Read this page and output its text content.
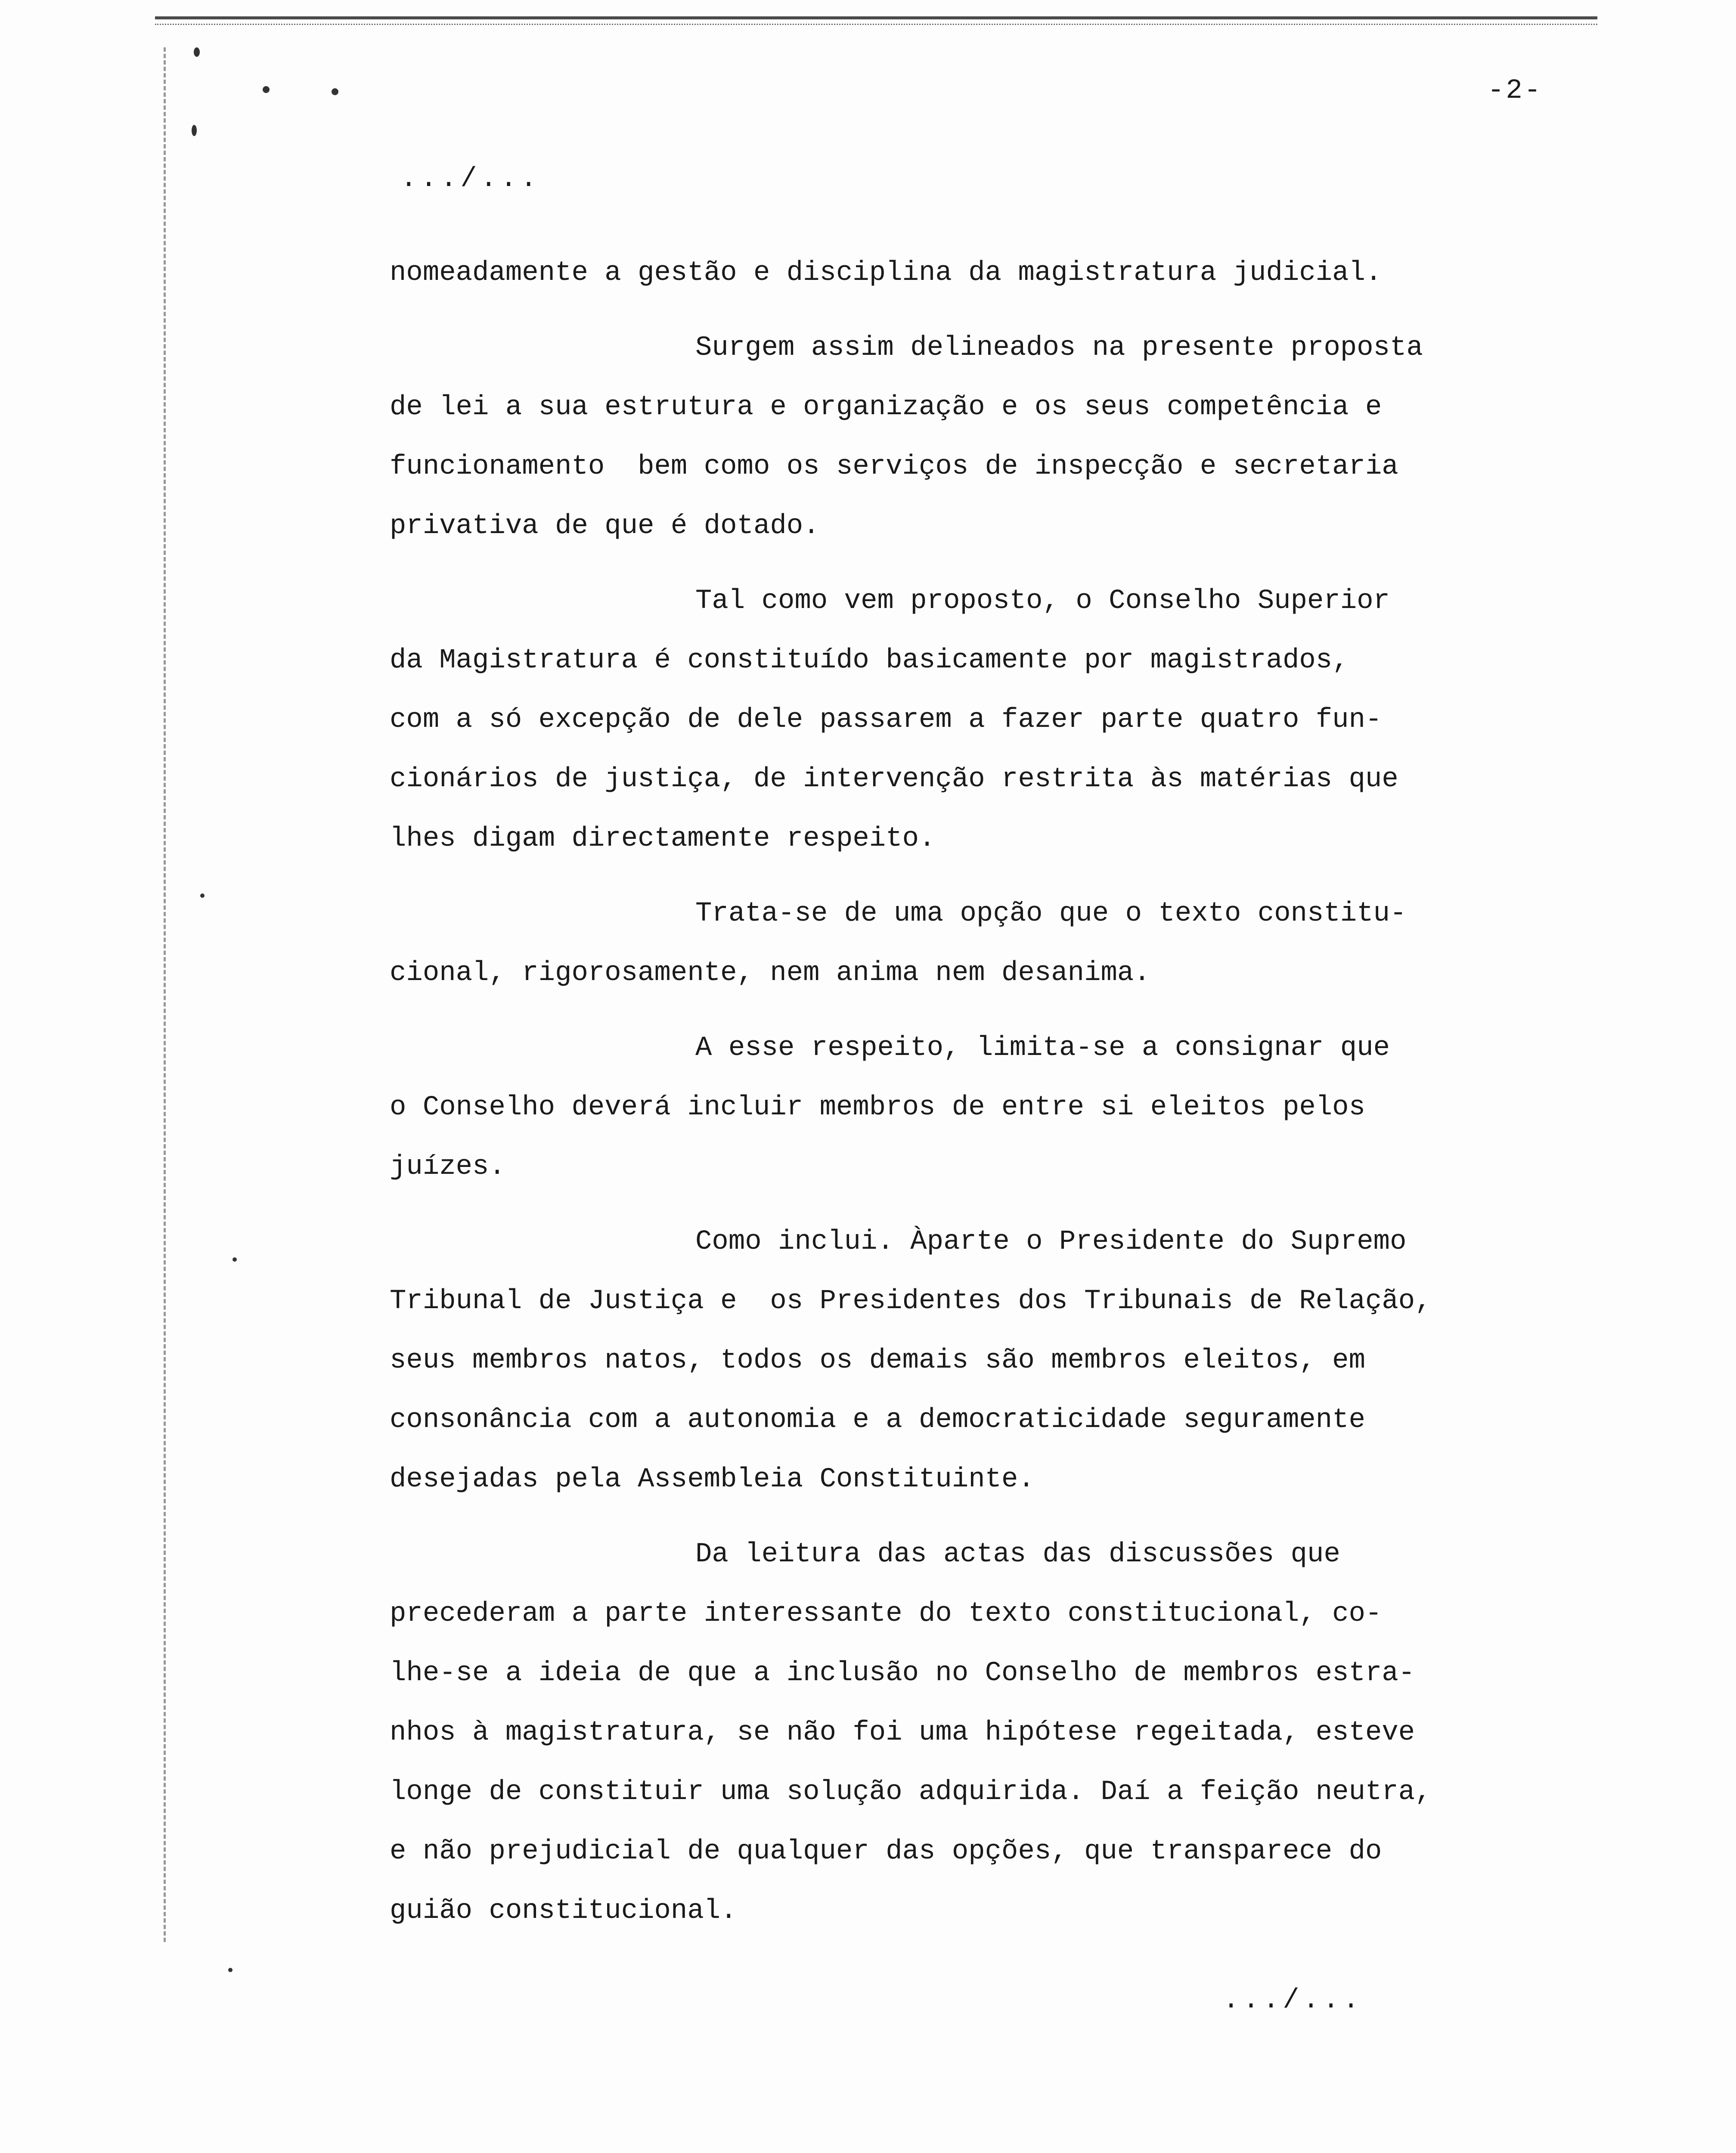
-2-
.../...
nomeadamente a gestão e disciplina da magistratura judicial.
Surgem assim delineados na presente proposta
de lei a sua estrutura e organização e os seus competência e
funcionamento  bem como os serviços de inspecção e secretaria
privativa de que é dotado.
Tal como vem proposto, o Conselho Superior
da Magistratura é constituído basicamente por magistrados,
com a só excepção de dele passarem a fazer parte quatro fun-
cionários de justiça, de intervenção restrita às matérias que
lhes digam directamente respeito.
Trata-se de uma opção que o texto constitu-
cional, rigorosamente, nem anima nem desanima.
A esse respeito, limita-se a consignar que
o Conselho deverá incluir membros de entre si eleitos pelos
juízes.
Como inclui. Àparte o Presidente do Supremo
Tribunal de Justiça e  os Presidentes dos Tribunais de Relação,
seus membros natos, todos os demais são membros eleitos, em
consonância com a autonomia e a democraticidade seguramente
desejadas pela Assembleia Constituinte.
Da leitura das actas das discussões que
precederam a parte interessante do texto constitucional, co-
lhe-se a ideia de que a inclusão no Conselho de membros estra-
nhos à magistratura, se não foi uma hipótese regeitada, esteve
longe de constituir uma solução adquirida. Daí a feição neutra,
e não prejudicial de qualquer das opções, que transparece do
guião constitucional.
.../...
